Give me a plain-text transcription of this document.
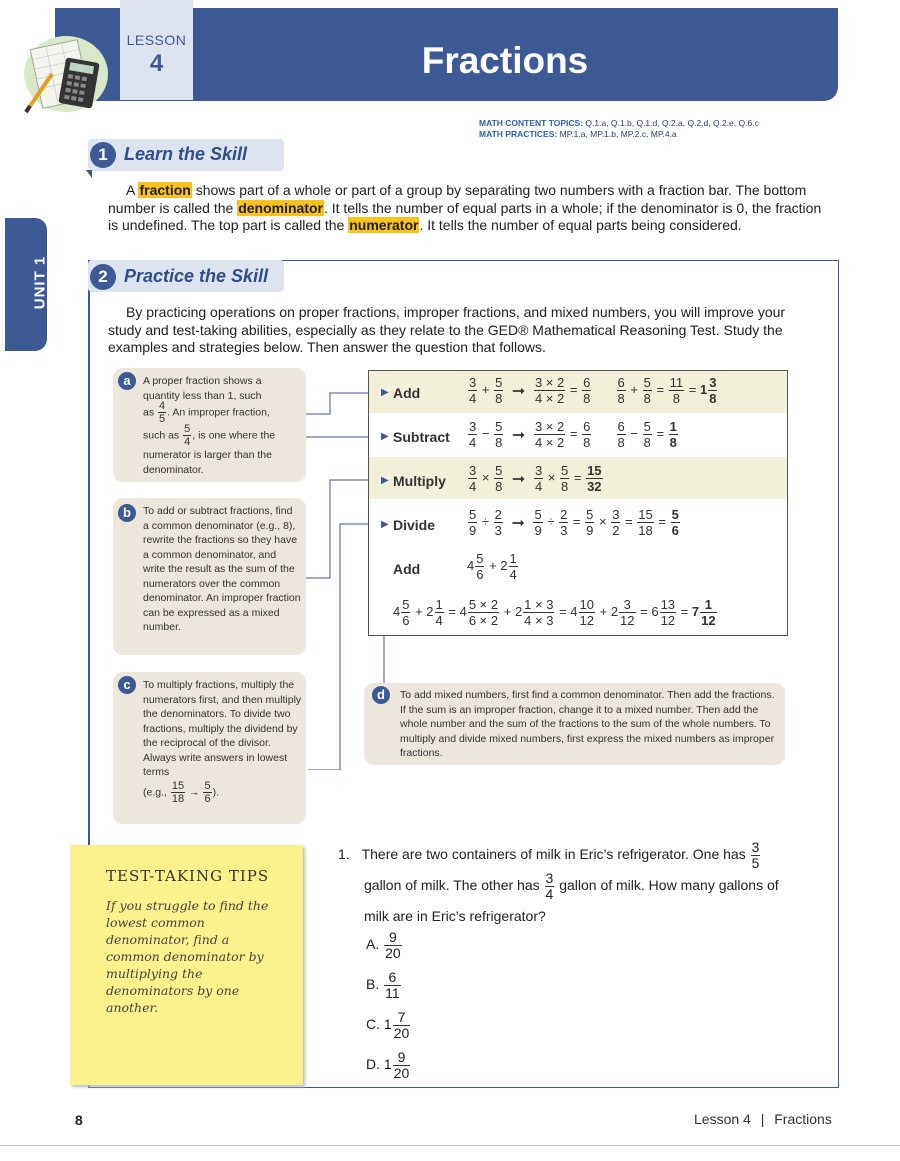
LESSON
4	Fractions
MATH CONTENT TOPICS: Q.1.a, Q.1.b, Q.1.d, Q.2.a, Q.2.d, Q.2.e, Q.6.c
MATH PRACTICES: MP.1.a, MP.1.b, MP.2.c, MP.4.a
UNIT 1
1 Learn the Skill
A fraction shows part of a whole or part of a group by separating two numbers with a fraction bar. The bottom number is called the denominator. It tells the number of equal parts in a whole; if the denominator is 0, the fraction is undefined. The top part is called the numerator. It tells the number of equal parts being considered.
2 Practice the Skill
By practicing operations on proper fractions, improper fractions, and mixed numbers, you will improve your study and test-taking abilities, especially as they relate to the GED® Mathematical Reasoning Test. Study the examples and strategies below. Then answer the question that follows.
a	A proper fraction shows a
quantity less than 1, such
as $\frac{4}{5}$ . An improper fraction,
such as $\frac{5}{4}$ , is one where the
numerator is larger than the
denominator.
b	To add or subtract fractions, find a common denominator (e.g., 8), rewrite the fractions so they have a common denominator, and write the result as the sum of the numerators over the common denominator. An improper fraction can be expressed as a mixed number.
c	To multiply fractions, multiply the numerators first, and then multiply the denominators. To divide two fractions, multiply the dividend by the reciprocal of the divisor. Always write answers in lowest terms
(e.g., $\frac{15}{18} \to \frac{5}{6}$ ).
▶ Add	$\frac{3}{4} + \frac{5}{8}$ ➞ $\frac{3 \times 2}{4 \times 2} = \frac{6}{8}$
$\frac{6}{8} + \frac{5}{8} = \frac{11}{8} = 1 \frac{3}{8}$
▶ Subtract $\frac{3}{4} - \frac{5}{8}$ ➞ $\frac{3 \times 2}{4 \times 2} = \frac{6}{8}$
$\frac{6}{8} - \frac{5}{8} = \frac{1}{8}$
▶ Multiply $\frac{3}{4} \times \frac{5}{8}$ ➞ $\frac{3}{4} \times \frac{5}{8} = \frac{15}{32}$
▶ Divide	$\frac{5}{9} \div \frac{2}{3}$ ➞ $\frac{5}{9} \div \frac{2}{3} = \frac{5}{9} \times \frac{3}{2} = \frac{15}{18} = \frac{5}{6}$
Add	$4 \frac{5}{6} + 2 \frac{1}{4}$
$4 \frac{5}{6} + 2 \frac{1}{4} = 4 \frac{5 \times 2}{6 \times 2} + 2 \frac{1 \times 3}{4 \times 3} = 4 \frac{10}{12} + 2 \frac{3}{12} = 6 \frac{13}{12} = 7 \frac{1}{12}$
d	To add mixed numbers, first find a common denominator. Then add the fractions. If the sum is an improper fraction, change it to a mixed number. Then add the whole number and the sum of the fractions to the sum of the whole numbers. To multiply and divide mixed numbers, first express the mixed numbers as improper fractions.
1. There are two containers of milk in Eric’s refrigerator. One has $\frac{3}{5}$

gallon of milk. The other has $\frac{3}{4}$ gallon of milk. How many gallons of
milk are in Eric’s refrigerator?
A. $\frac{9}{20}$
B. $\frac{6}{11}$
C. $1 \frac{7}{20}$
D. $1 \frac{9}{20}$
TEST-TAKING TIPS
If you struggle to find the lowest common denominator, find a common denominator by multiplying the denominators by one another.
8	Lesson 4 | Fractions
